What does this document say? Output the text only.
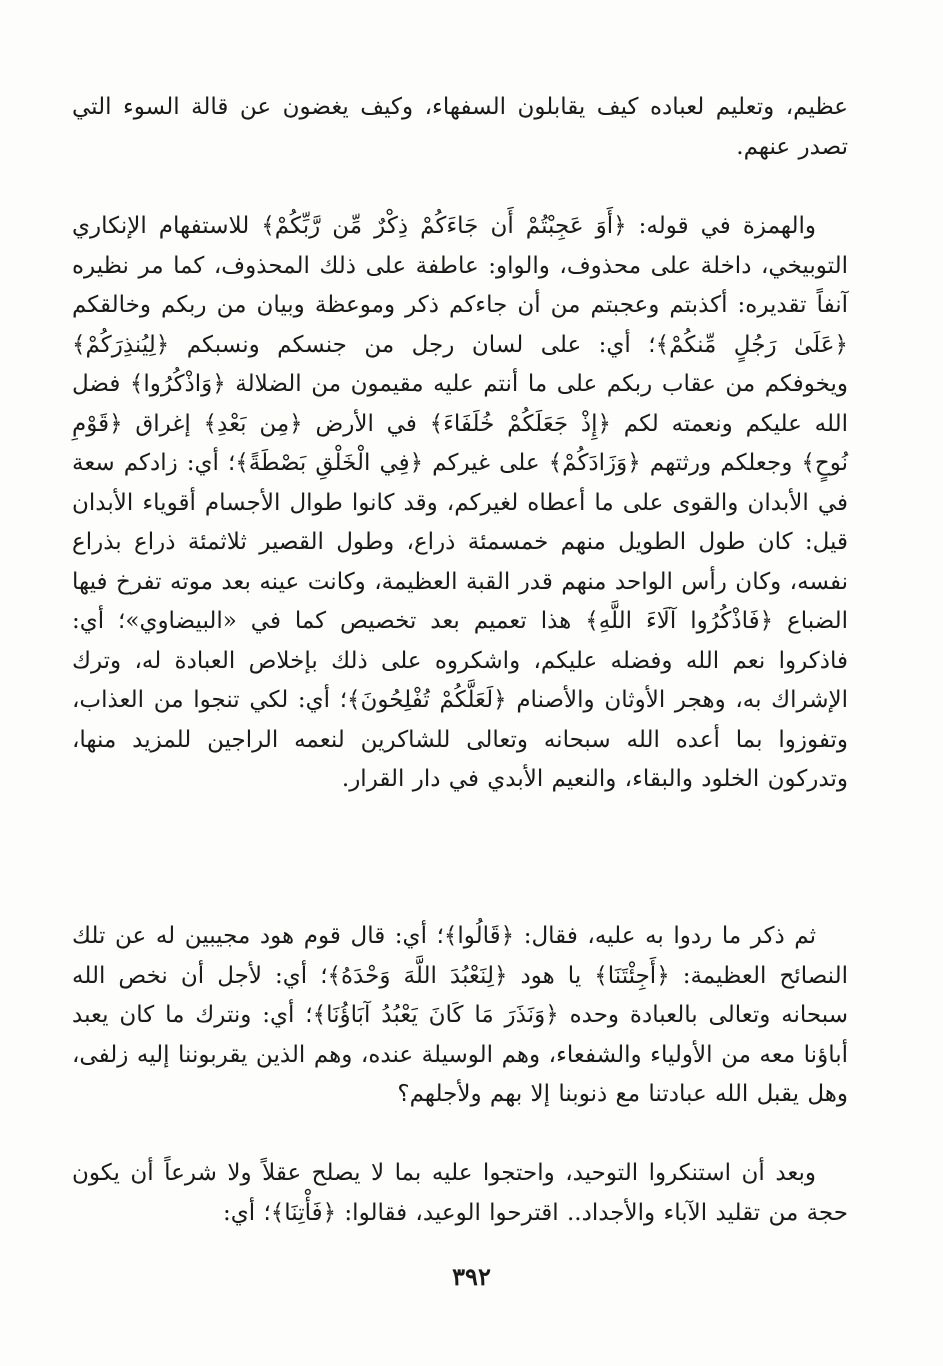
عظيم، وتعليم لعباده كيف يقابلون السفهاء، وكيف يغضون عن قالة السوء التي تصدر عنهم.

والهمزة في قوله: ﴿أَوَ عَجِبْتُمْ أَن جَاءَكُمْ ذِكْرٌ مِّن رَّبِّكُمْ﴾ للاستفهام الإنكاري التوبيخي، داخلة على محذوف، والواو: عاطفة على ذلك المحذوف، كما مر نظيره آنفاً تقديره: أكذبتم وعجبتم من أن جاءكم ذكر وموعظة وبيان من ربكم وخالقكم ﴿عَلَىٰ رَجُلٍ مِّنكُمْ﴾؛ أي: على لسان رجل من جنسكم ونسبكم ﴿لِيُنذِرَكُمْ﴾ ويخوفكم من عقاب ربكم على ما أنتم عليه مقيمون من الضلالة ﴿وَاذْكُرُوا﴾ فضل الله عليكم ونعمته لكم ﴿إِذْ جَعَلَكُمْ خُلَفَاءَ﴾ في الأرض ﴿مِن بَعْدِ﴾ إغراق ﴿قَوْمِ نُوحٍ﴾ وجعلكم ورثتهم ﴿وَزَادَكُمْ﴾ على غيركم ﴿فِي الْخَلْقِ بَصْطَةً﴾؛ أي: زادكم سعة في الأبدان والقوى على ما أعطاه لغيركم، وقد كانوا طوال الأجسام أقوياء الأبدان قيل: كان طول الطويل منهم خمسمئة ذراع، وطول القصير ثلاثمئة ذراع بذراع نفسه، وكان رأس الواحد منهم قدر القبة العظيمة، وكانت عينه بعد موته تفرخ فيها الضباع ﴿فَاذْكُرُوا آلَاءَ اللَّهِ﴾ هذا تعميم بعد تخصيص كما في «البيضاوي»؛ أي: فاذكروا نعم الله وفضله عليكم، واشكروه على ذلك بإخلاص العبادة له، وترك الإشراك به، وهجر الأوثان والأصنام ﴿لَعَلَّكُمْ تُفْلِحُونَ﴾؛ أي: لكي تنجوا من العذاب، وتفوزوا بما أعده الله سبحانه وتعالى للشاكرين لنعمه الراجين للمزيد منها، وتدركون الخلود والبقاء، والنعيم الأبدي في دار القرار.

ثم ذكر ما ردوا به عليه، فقال: ﴿قَالُوا﴾؛ أي: قال قوم هود مجيبين له عن تلك النصائح العظيمة: ﴿أَجِئْتَنَا﴾ يا هود ﴿لِنَعْبُدَ اللَّهَ وَحْدَهُ﴾؛ أي: لأجل أن نخص الله سبحانه وتعالى بالعبادة وحده ﴿وَنَذَرَ مَا كَانَ يَعْبُدُ آبَاؤُنَا﴾؛ أي: ونترك ما كان يعبد أباؤنا معه من الأولياء والشفعاء، وهم الوسيلة عنده، وهم الذين يقربوننا إليه زلفى، وهل يقبل الله عبادتنا مع ذنوبنا إلا بهم ولأجلهم؟

وبعد أن استنكروا التوحيد، واحتجوا عليه بما لا يصلح عقلاً ولا شرعاً أن يكون حجة من تقليد الآباء والأجداد.. اقترحوا الوعيد، فقالوا: ﴿فَأْتِنَا﴾؛ أي:

٣٩٢
